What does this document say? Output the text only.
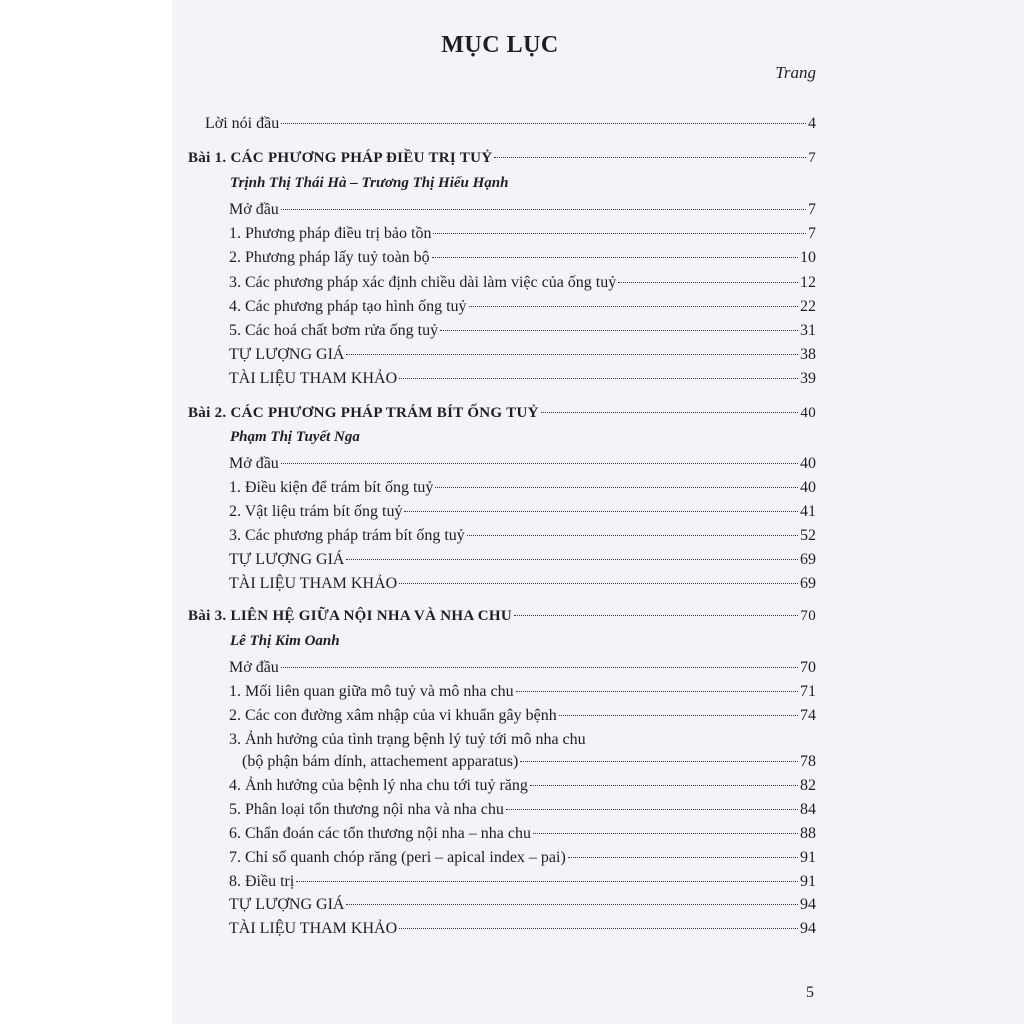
MỤC LỤC
Trang
Lời nói đầu	4
Bài 1. CÁC PHƯƠNG PHÁP ĐIỀU TRỊ TUỶ	7
Trịnh Thị Thái Hà – Trương Thị Hiếu Hạnh
Mở đầu	7
1. Phương pháp điều trị bảo tồn	7
2. Phương pháp lấy tuỷ toàn bộ	10
3. Các phương pháp xác định chiều dài làm việc của ống tuỷ	12
4. Các phương pháp tạo hình ống tuỷ	22
5. Các hoá chất bơm rửa ống tuỷ	31
TỰ LƯỢNG GIÁ	38
TÀI LIỆU THAM KHẢO	39
Bài 2. CÁC PHƯƠNG PHÁP TRÁM BÍT ỐNG TUỶ	40
Phạm Thị Tuyết Nga
Mở đầu	40
1. Điều kiện để trám bít ống tuỷ	40
2. Vật liệu trám bít ống tuỷ	41
3. Các phương pháp trám bít ống tuỷ	52
TỰ LƯỢNG GIÁ	69
TÀI LIỆU THAM KHẢO	69
Bài 3. LIÊN HỆ GIỮA NỘI NHA VÀ NHA CHU	70
Lê Thị Kim Oanh
Mở đầu	70
1. Mối liên quan giữa mô tuỷ và mô nha chu	71
2. Các con đường xâm nhập của vi khuẩn gây bệnh	74
3. Ảnh hưởng của tình trạng bệnh lý tuỷ tới mô nha chu
(bộ phận bám dính, attachement apparatus)	78
4. Ảnh hưởng của bệnh lý nha chu tới tuỷ răng	82
5. Phân loại tổn thương nội nha và nha chu	84
6. Chẩn đoán các tổn thương nội nha – nha chu	88
7. Chỉ số quanh chóp răng (peri – apical index – pai)	91
8. Điều trị	91
TỰ LƯỢNG GIÁ	94
TÀI LIỆU THAM KHẢO	94
5
